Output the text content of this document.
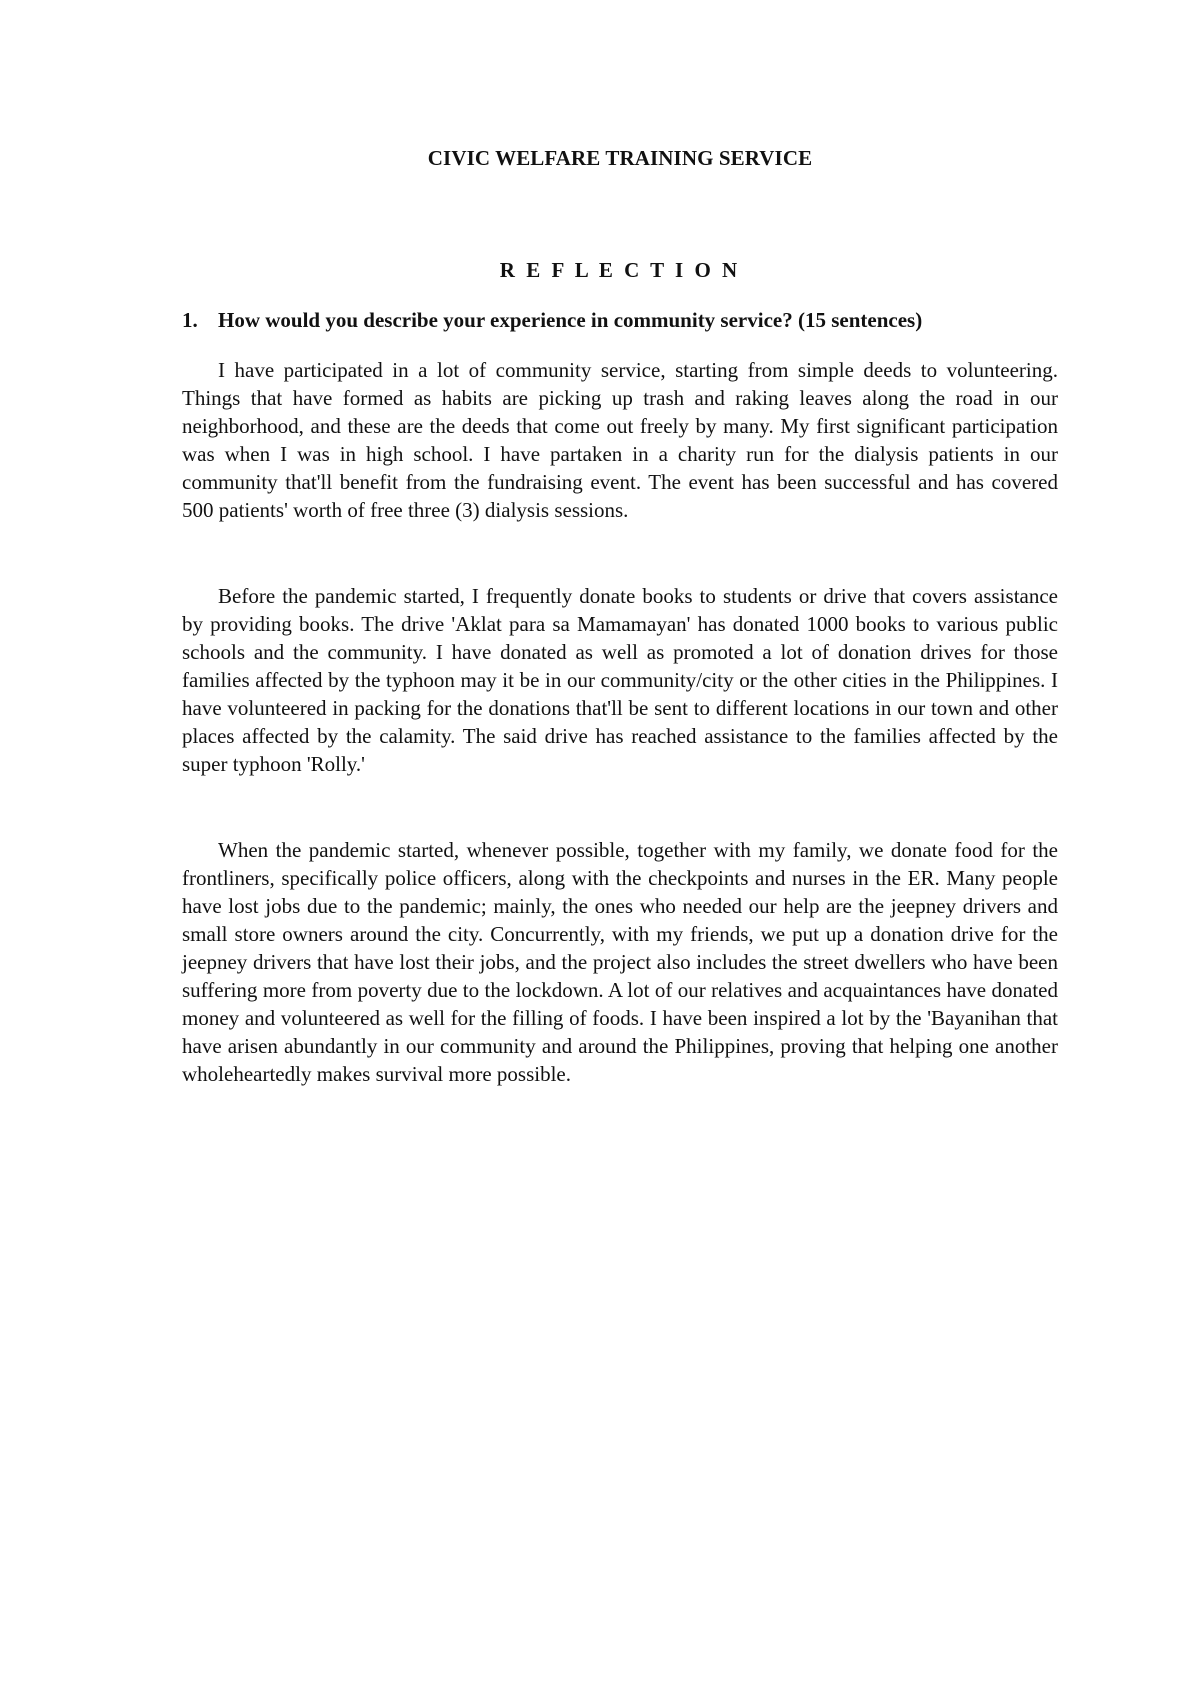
CIVIC WELFARE TRAINING SERVICE
R E F L E C T I O N
1. How would you describe your experience in community service? (15 sentences)

I have participated in a lot of community service, starting from simple deeds to volunteering. Things that have formed as habits are picking up trash and raking leaves along the road in our neighborhood, and these are the deeds that come out freely by many. My first significant participation was when I was in high school. I have partaken in a charity run for the dialysis patients in our community that'll benefit from the fundraising event. The event has been successful and has covered 500 patients' worth of free three (3) dialysis sessions.

Before the pandemic started, I frequently donate books to students or drive that covers assistance by providing books. The drive 'Aklat para sa Mamamayan' has donated 1000 books to various public schools and the community. I have donated as well as promoted a lot of donation drives for those families affected by the typhoon may it be in our community/city or the other cities in the Philippines. I have volunteered in packing for the donations that'll be sent to different locations in our town and other places affected by the calamity. The said drive has reached assistance to the families affected by the super typhoon 'Rolly.'

When the pandemic started, whenever possible, together with my family, we donate food for the frontliners, specifically police officers, along with the checkpoints and nurses in the ER. Many people have lost jobs due to the pandemic; mainly, the ones who needed our help are the jeepney drivers and small store owners around the city. Concurrently, with my friends, we put up a donation drive for the jeepney drivers that have lost their jobs, and the project also includes the street dwellers who have been suffering more from poverty due to the lockdown. A lot of our relatives and acquaintances have donated money and volunteered as well for the filling of foods. I have been inspired a lot by the 'Bayanihan that have arisen abundantly in our community and around the Philippines, proving that helping one another wholeheartedly makes survival more possible.
